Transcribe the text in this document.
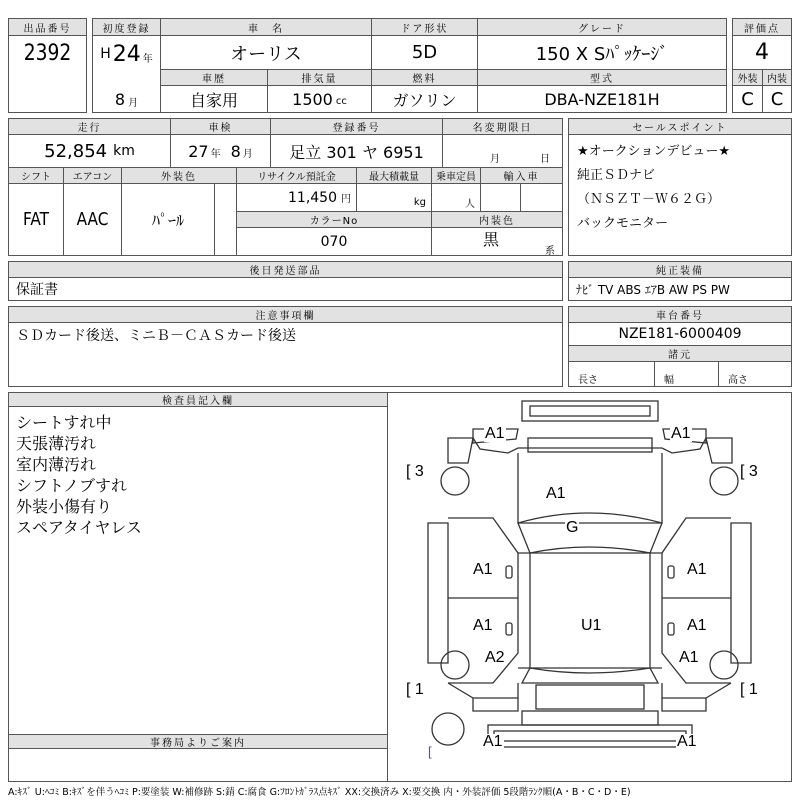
出品番号
2392
初度登録
H 24 年
8 月
車　名
オーリス
ドア形状
5D
グレード
150 X Sﾊﾟｯｹｰｼﾞ
評価点
4
車歴	排気量	燃料	型式	外装 内装
自家用	1500 cc	ガソリン	DBA-NZE181H	C C
走行	車検	登録番号	名変期限日
52,854 km	27 年 8 月	足立 301 ヤ 6951	月	日
シフト	エアコン	外装色	リサイクル預託金	最大積載量	乗車定員	輸入車
FAT	AAC	ﾊﾟｰﾙ
11,450 円	kg	人
カラーNo	内装色
070	黒
系
セールスポイント
★オークションデビュー★
純正ＳＤナビ
（ＮＳＺＴ－Ｗ６２Ｇ）
バックモニター
後日発送部品
保証書
純正装備
ﾅﾋﾞ TV ABS ｴｱB AW PS PW
注意事項欄
ＳＤカード後送、ミニＢ－ＣＡＳカード後送
車台番号
NZE181-6000409
諸元
長さ	幅	高さ
検査員記入欄
シートすれ中
天張薄汚れ
室内薄汚れ
シフトノブすれ
外装小傷有り
スペアタイヤレス
事務局よりご案内
A1	A1
A1
G
A1	A1
A1	U1	A1
A2	A1
A1	A1
[ 3	[ 3
[ 1	[ 1
[
A:ｷｽﾞ U:ﾍｺﾐ B:ｷｽﾞを伴うﾍｺﾐ P:要塗装 W:補修跡 S:錆 C:腐食 G:ﾌﾛﾝﾄｶﾞﾗｽ点ｷｽﾞ XX:交換済み X:要交換 内・外装評価 5段階ﾗﾝｸ順(A・B・C・D・E)
